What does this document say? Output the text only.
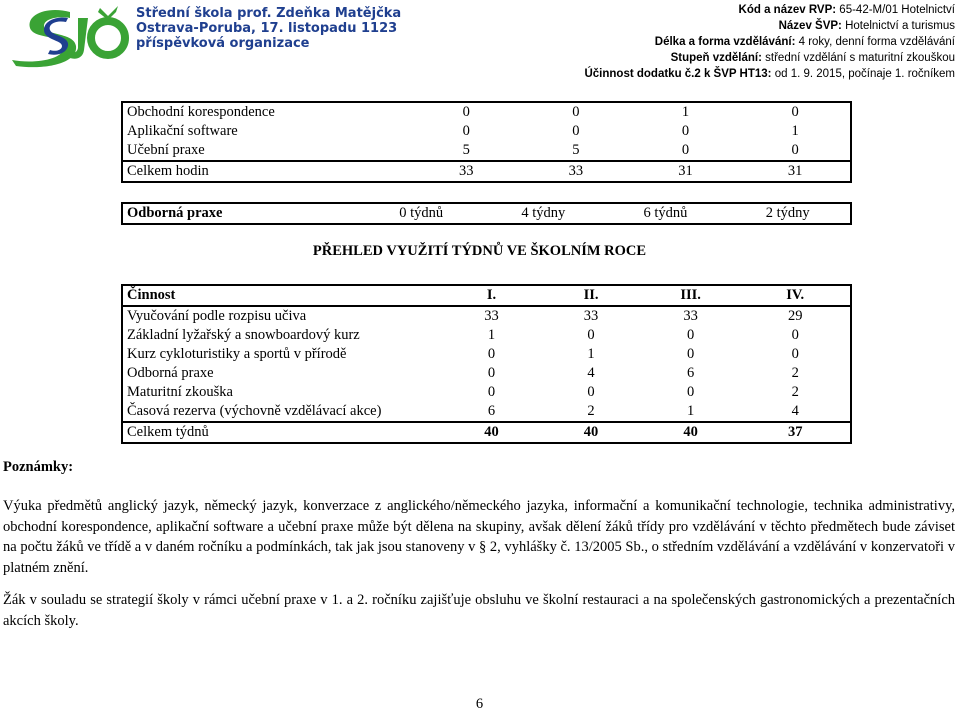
Střední škola prof. Zdeňka Matějčka
Ostrava-Poruba, 17. listopadu 1123
příspěvková organizace
Kód a název RVP: 65-42-M/01 Hotelnictví
Název ŠVP: Hotelnictví a turismus
Délka a forma vzdělávání: 4 roky, denní forma vzdělávání
Stupeň vzdělání: střední vzdělání s maturitní zkouškou
Účinnost dodatku č.2 k ŠVP HT13: od 1. 9. 2015, počínaje 1. ročníkem
Obchodní korespondence	0	0	1	0
Aplikační software	0	0	0	1
Učební praxe	5	5	0	0
Celkem hodin	33	33	31	31
Odborná praxe	0 týdnů	4 týdny	6 týdnů	2 týdny
PŘEHLED VYUŽITÍ TÝDNŮ VE ŠKOLNÍM ROCE
Činnost	I.	II.	III.	IV.
Vyučování podle rozpisu učiva	33	33	33	29
Základní lyžařský a snowboardový kurz	1	0	0	0
Kurz cykloturistiky a sportů v přírodě	0	1	0	0
Odborná praxe	0	4	6	2
Maturitní zkouška	0	0	0	2
Časová rezerva (výchovně vzdělávací akce)	6	2	1	4
Celkem týdnů	40	40	40	37
Poznámky:
Výuka předmětů anglický jazyk, německý jazyk, konverzace z anglického/německého jazyka, informační a komunikační technologie, technika administrativy, obchodní korespondence, aplikační software a učební praxe může být dělena na skupiny, avšak dělení žáků třídy pro vzdělávání v těchto předmětech bude záviset na počtu žáků ve třídě a v daném ročníku a podmínkách, tak jak jsou stanoveny v § 2, vyhlášky č. 13/2005 Sb., o středním vzdělávání a vzdělávání v konzervatoři v platném znění.
Žák v souladu se strategií školy v rámci učební praxe v 1. a 2. ročníku zajišťuje obsluhu ve školní restauraci a na společenských gastronomických a prezentačních akcích školy.
6
